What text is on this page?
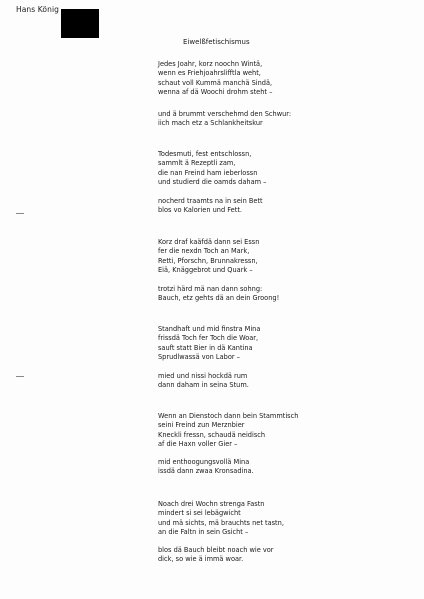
Hans König
Eiwelßfetischismus
Jedes Joahr, korz noochn Wintä,
wenn es Friehjoahrslifftla weht,
schaut voll Kummä manchä Sindä,
wenna af dä Woochi drohm steht –
und ä brummt verschehmd den Schwur:
iich mach etz a Schlankheitskur
Todesmuti, fest entschlossn,
sammlt ä Rezeptli zam,
die nan Freind ham ieberlossn
und studierd die oamds daham –
nocherd traamts na in sein Bett
blos vo Kalorien und Fett.
Korz draf kaäfdä dann sei Essn
fer die nexdn Toch an Mark,
Retti, Pforschn, Brunnakressn,
Eiä, Knäggebrot und Quark –
trotzi härd mä nan dann sohng:
Bauch, etz gehts dä an dein Groong!
Standhaft und mid finstra Mina
frissdä Toch fer Toch die Woar,
sauft statt Bier in dä Kantina
Sprudlwassä von Labor –
mied und nissi hockdä rum
dann daham in seina Stum.
Wenn an Dienstoch dann bein Stammtisch
seini Freind zun Merznbier
Kneckli fressn, schaudä neidisch
af die Haxn voller Gier –
mid enthoogungsvollä Mina
issdä dann zwaa Kronsadina.
Noach drei Wochn strenga Fastn
mindert si sei lebägwicht
und mä sichts, mä brauchts net tastn,
an die Faltn in sein Gsicht –
blos dä Bauch bleibt noach wie vor
dick, so wie ä immä woar.
